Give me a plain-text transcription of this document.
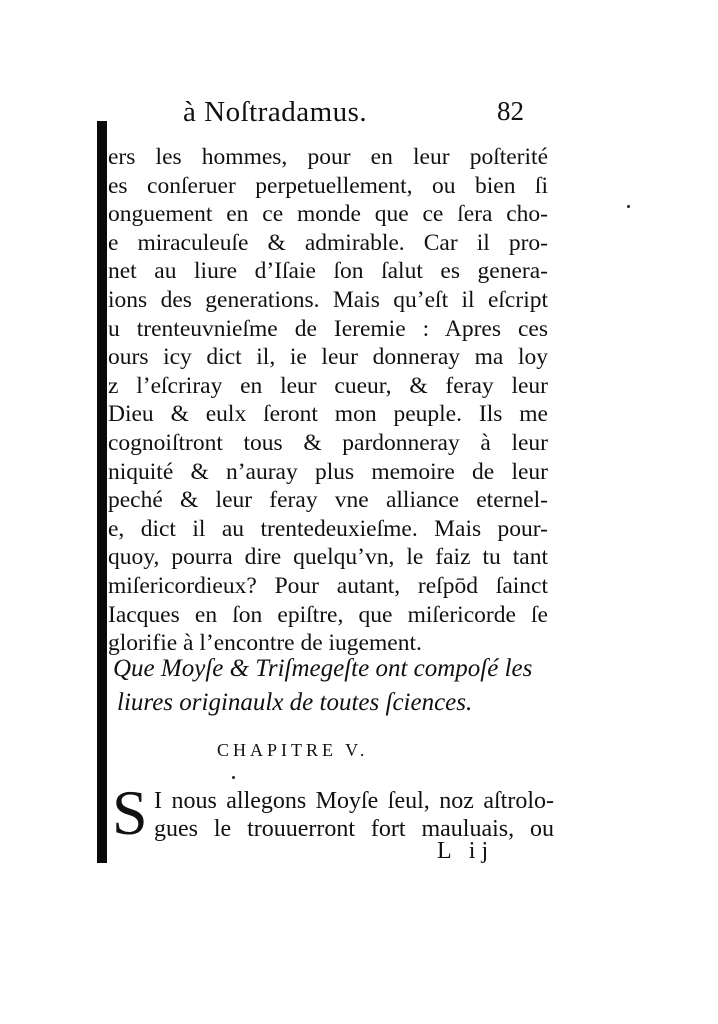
à Noſtradamus.	82
ers les hommes, pour en leur poſterité
es conſeruer perpetuellement, ou bien ſi
onguement en ce monde que ce ſera cho-
e miraculeuſe & admirable. Car il pro-
net au liure d’Iſaie ſon ſalut es genera-
ions des generations. Mais qu’eſt il eſcript
u trenteuvnieſme de Ieremie : Apres ces
ours icy dict il, ie leur donneray ma loy
z l’eſcriray en leur cueur, & feray leur
Dieu & eulx ſeront mon peuple. Ils me
cognoiſtront tous & pardonneray à leur
niquité & n’auray plus memoire de leur
peché & leur feray vne alliance eternel-
e, dict il au trentedeuxieſme. Mais pour-
quoy, pourra dire quelqu’vn, le faiz tu tant
miſericordieux? Pour autant, reſpōd ſainct
Iacques en ſon epiſtre, que miſericorde ſe
glorifie à l’encontre de iugement.
Que Moyſe & Triſmegeſte ont compoſé les
liures originaulx de toutes ſciences.
CHAPITRE V.
S I nous allegons Moyſe ſeul, noz aſtrolo-
gues le trouuerront fort mauluais, ou
L ij
